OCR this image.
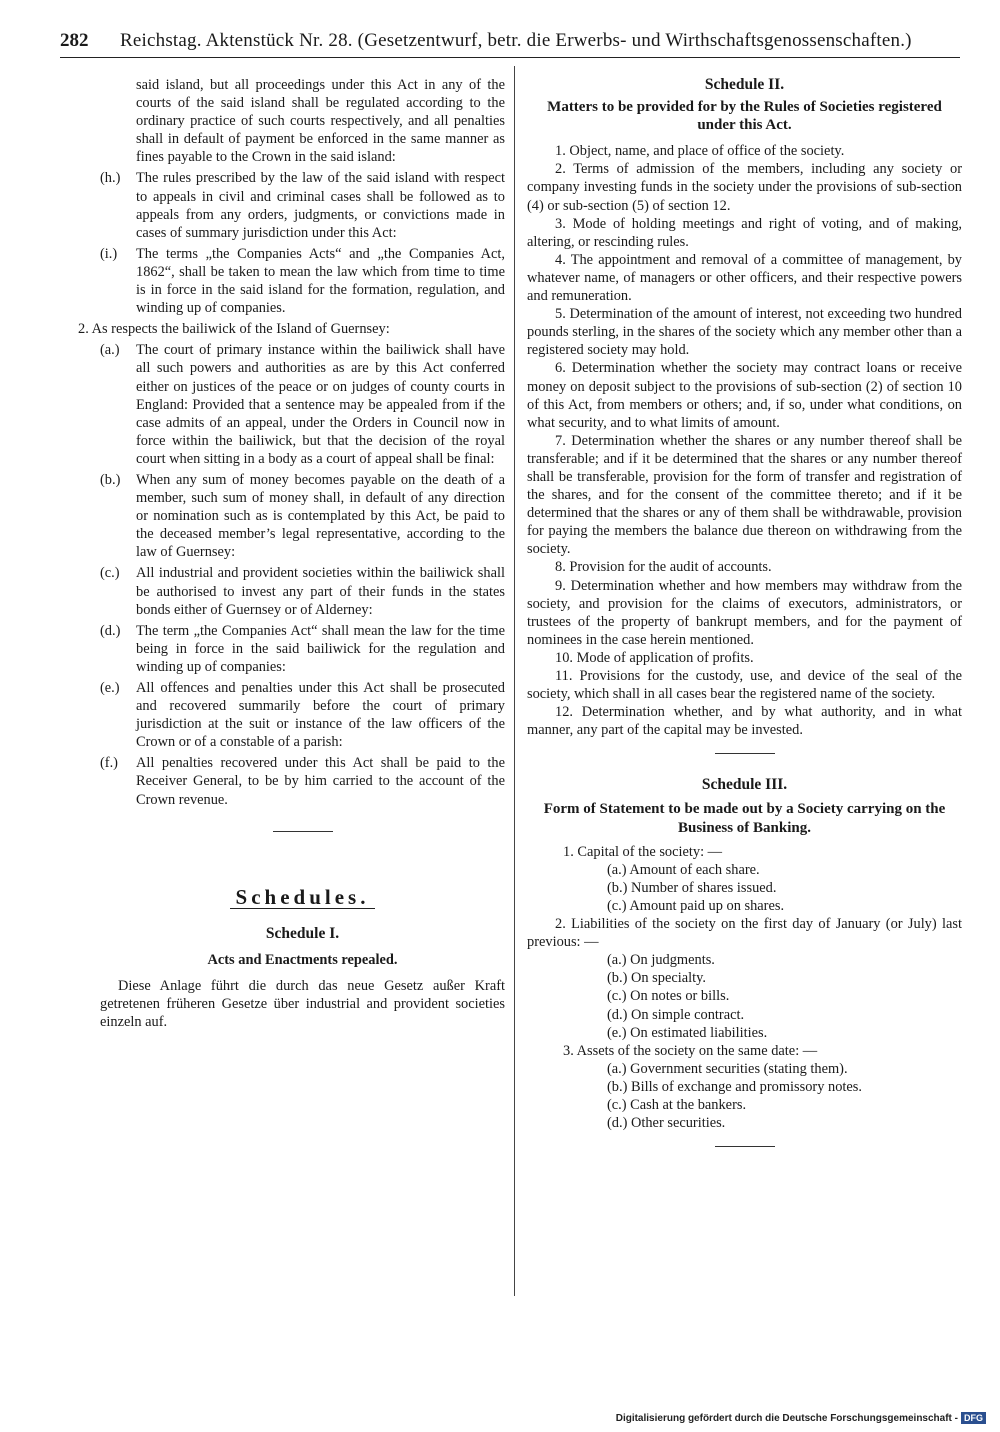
282 Reichstag. Aktenstück Nr. 28. (Gesetzentwurf, betr. die Erwerbs- und Wirthschaftsgenossenschaften.)

said island, but all proceedings under this Act in any of the courts of the said island shall be regulated according to the ordinary practice of such courts respectively, and all penalties shall in default of payment be enforced in the same manner as fines payable to the Crown in the said island:

(h.) The rules prescribed by the law of the said island with respect to appeals in civil and criminal cases shall be followed as to appeals from any orders, judgments, or convictions made in cases of summary jurisdiction under this Act:
(i.) The terms „the Companies Acts“ and „the Companies Act, 1862“, shall be taken to mean the law which from time to time is in force in the said island for the formation, regulation, and winding up of companies.

2. As respects the bailiwick of the Island of Guernsey:

(a.) The court of primary instance within the bailiwick shall have all such powers and authorities as are by this Act conferred either on justices of the peace or on judges of county courts in England: Provided that a sentence may be appealed from if the case admits of an appeal, under the Orders in Council now in force within the bailiwick, but that the decision of the royal court when sitting in a body as a court of appeal shall be final:
(b.) When any sum of money becomes payable on the death of a member, such sum of money shall, in default of any direction or nomination such as is contemplated by this Act, be paid to the deceased member’s legal representative, according to the law of Guernsey:
(c.) All industrial and provident societies within the bailiwick shall be authorised to invest any part of their funds in the states bonds either of Guernsey or of Alderney:
(d.) The term „the Companies Act“ shall mean the law for the time being in force in the said bailiwick for the regulation and winding up of companies:
(e.) All offences and penalties under this Act shall be prosecuted and recovered summarily before the court of primary jurisdiction at the suit or instance of the law officers of the Crown or of a constable of a parish:
(f.) All penalties recovered under this Act shall be paid to the Receiver General, to be by him carried to the account of the Crown revenue.
Schedules.

Schedule I.

Acts and Enactments repealed.

Diese Anlage führt die durch das neue Gesetz außer Kraft getretenen früheren Gesetze über industrial and provident societies einzeln auf.

Schedule II.

Matters to be provided for by the Rules of Societies registered under this Act.

1. Object, name, and place of office of the society.

2. Terms of admission of the members, including any society or company investing funds in the society under the provisions of sub-section (4) or sub-section (5) of section 12.

3. Mode of holding meetings and right of voting, and of making, altering, or rescinding rules.

4. The appointment and removal of a committee of management, by whatever name, of managers or other officers, and their respective powers and remuneration.

5. Determination of the amount of interest, not exceeding two hundred pounds sterling, in the shares of the society which any member other than a registered society may hold.

6. Determination whether the society may contract loans or receive money on deposit subject to the provisions of sub-section (2) of section 10 of this Act, from members or others; and, if so, under what conditions, on what security, and to what limits of amount.

7. Determination whether the shares or any number thereof shall be transferable; and if it be determined that the shares or any number thereof shall be transferable, provision for the form of transfer and registration of the shares, and for the consent of the committee thereto; and if it be determined that the shares or any of them shall be withdrawable, provision for paying the members the balance due thereon on withdrawing from the society.

8. Provision for the audit of accounts.

9. Determination whether and how members may withdraw from the society, and provision for the claims of executors, administrators, or trustees of the property of bankrupt members, and for the payment of nominees in the case herein mentioned.

10. Mode of application of profits.

11. Provisions for the custody, use, and device of the seal of the society, which shall in all cases bear the registered name of the society.

12. Determination whether, and by what authority, and in what manner, any part of the capital may be invested.

Schedule III.

Form of Statement to be made out by a Society carrying on the Business of Banking.

1. Capital of the society: —

(a.) Amount of each share.

(b.) Number of shares issued.

(c.) Amount paid up on shares.

2. Liabilities of the society on the first day of January (or July) last previous: —

(a.) On judgments.

(b.) On specialty.

(c.) On notes or bills.

(d.) On simple contract.

(e.) On estimated liabilities.

3. Assets of the society on the same date: —

(a.) Government securities (stating them).

(b.) Bills of exchange and promissory notes.

(c.) Cash at the bankers.

(d.) Other securities.

Digitalisierung gefördert durch die Deutsche Forschungsgemeinschaft - DFG
